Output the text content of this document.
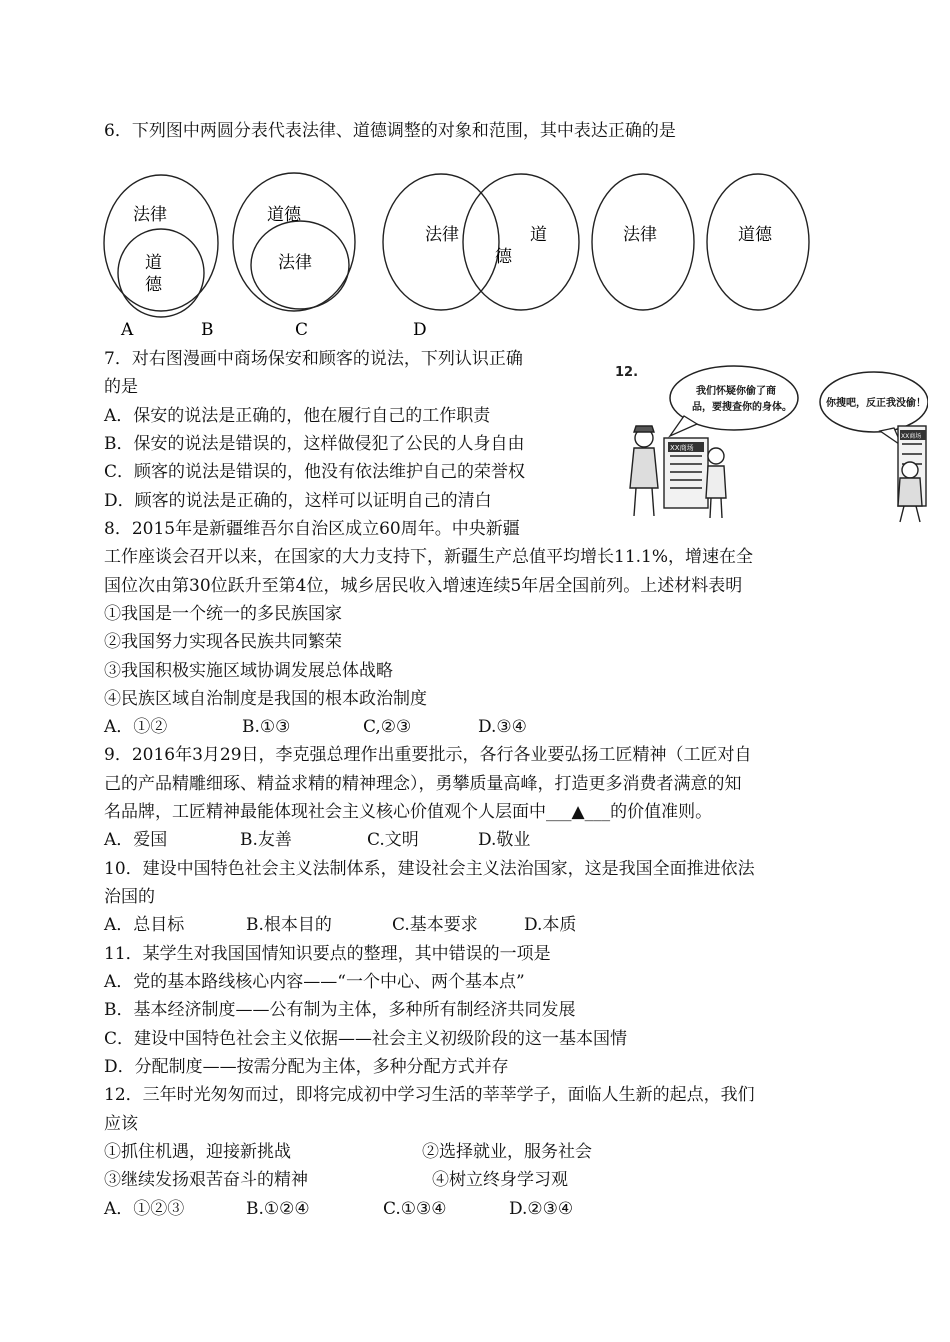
6．下列图中两圆分表代表法律、道德调整的对象和范围，其中表达正确的是
法律
道
德
道德
法律
法律	道
德
法律	道德
A	B	C	D
7．对右图漫画中商场保安和顾客的说法，下列认识正确
的是
A．保安的说法是正确的，他在履行自己的工作职责
B．保安的说法是错误的，这样做侵犯了公民的人身自由
C．顾客的说法是错误的，他没有依法维护自己的荣誉权
D．顾客的说法是正确的，这样可以证明自己的清白
12.
我们怀疑你偷了商
品，要搜查你的身体。	你搜吧，反正我没偷！
XX商场
XX商场
8．2015年是新疆维吾尔自治区成立60周年。中央新疆
工作座谈会召开以来，在国家的大力支持下，新疆生产总值平均增长11.1%，增速在全
国位次由第30位跃升至第4位，城乡居民收入增速连续5年居全国前列。上述材料表明
①我国是一个统一的多民族国家
②我国努力实现各民族共同繁荣
③我国积极实施区域协调发展总体战略
④民族区域自治制度是我国的根本政治制度
A．①②	B.①③	C,②③	D.③④
9．2016年3月29日，李克强总理作出重要批示，各行各业要弘扬工匠精神（工匠对自
己的产品精雕细琢、精益求精的精神理念），勇攀质量高峰，打造更多消费者满意的知
名品牌，工匠精神最能体现社会主义核心价值观个人层面中___▲___的价值准则。
A．爱国	B.友善	C.文明	D.敬业
10．建设中国特色社会主义法制体系，建设社会主义法治国家，这是我国全面推进依法
治国的
A．总目标	B.根本目的	C.基本要求	D.本质
11．某学生对我国国情知识要点的整理，其中错误的一项是
A．党的基本路线核心内容——“一个中心、两个基本点”
B．基本经济制度——公有制为主体，多种所有制经济共同发展
C．建设中国特色社会主义依据——社会主义初级阶段的这一基本国情
D．分配制度——按需分配为主体，多种分配方式并存
12．三年时光匆匆而过，即将完成初中学习生活的莘莘学子，面临人生新的起点，我们
应该
①抓住机遇，迎接新挑战	②选择就业，服务社会
③继续发扬艰苦奋斗的精神	④树立终身学习观
A．①②③	B.①②④	C.①③④	D.②③④
